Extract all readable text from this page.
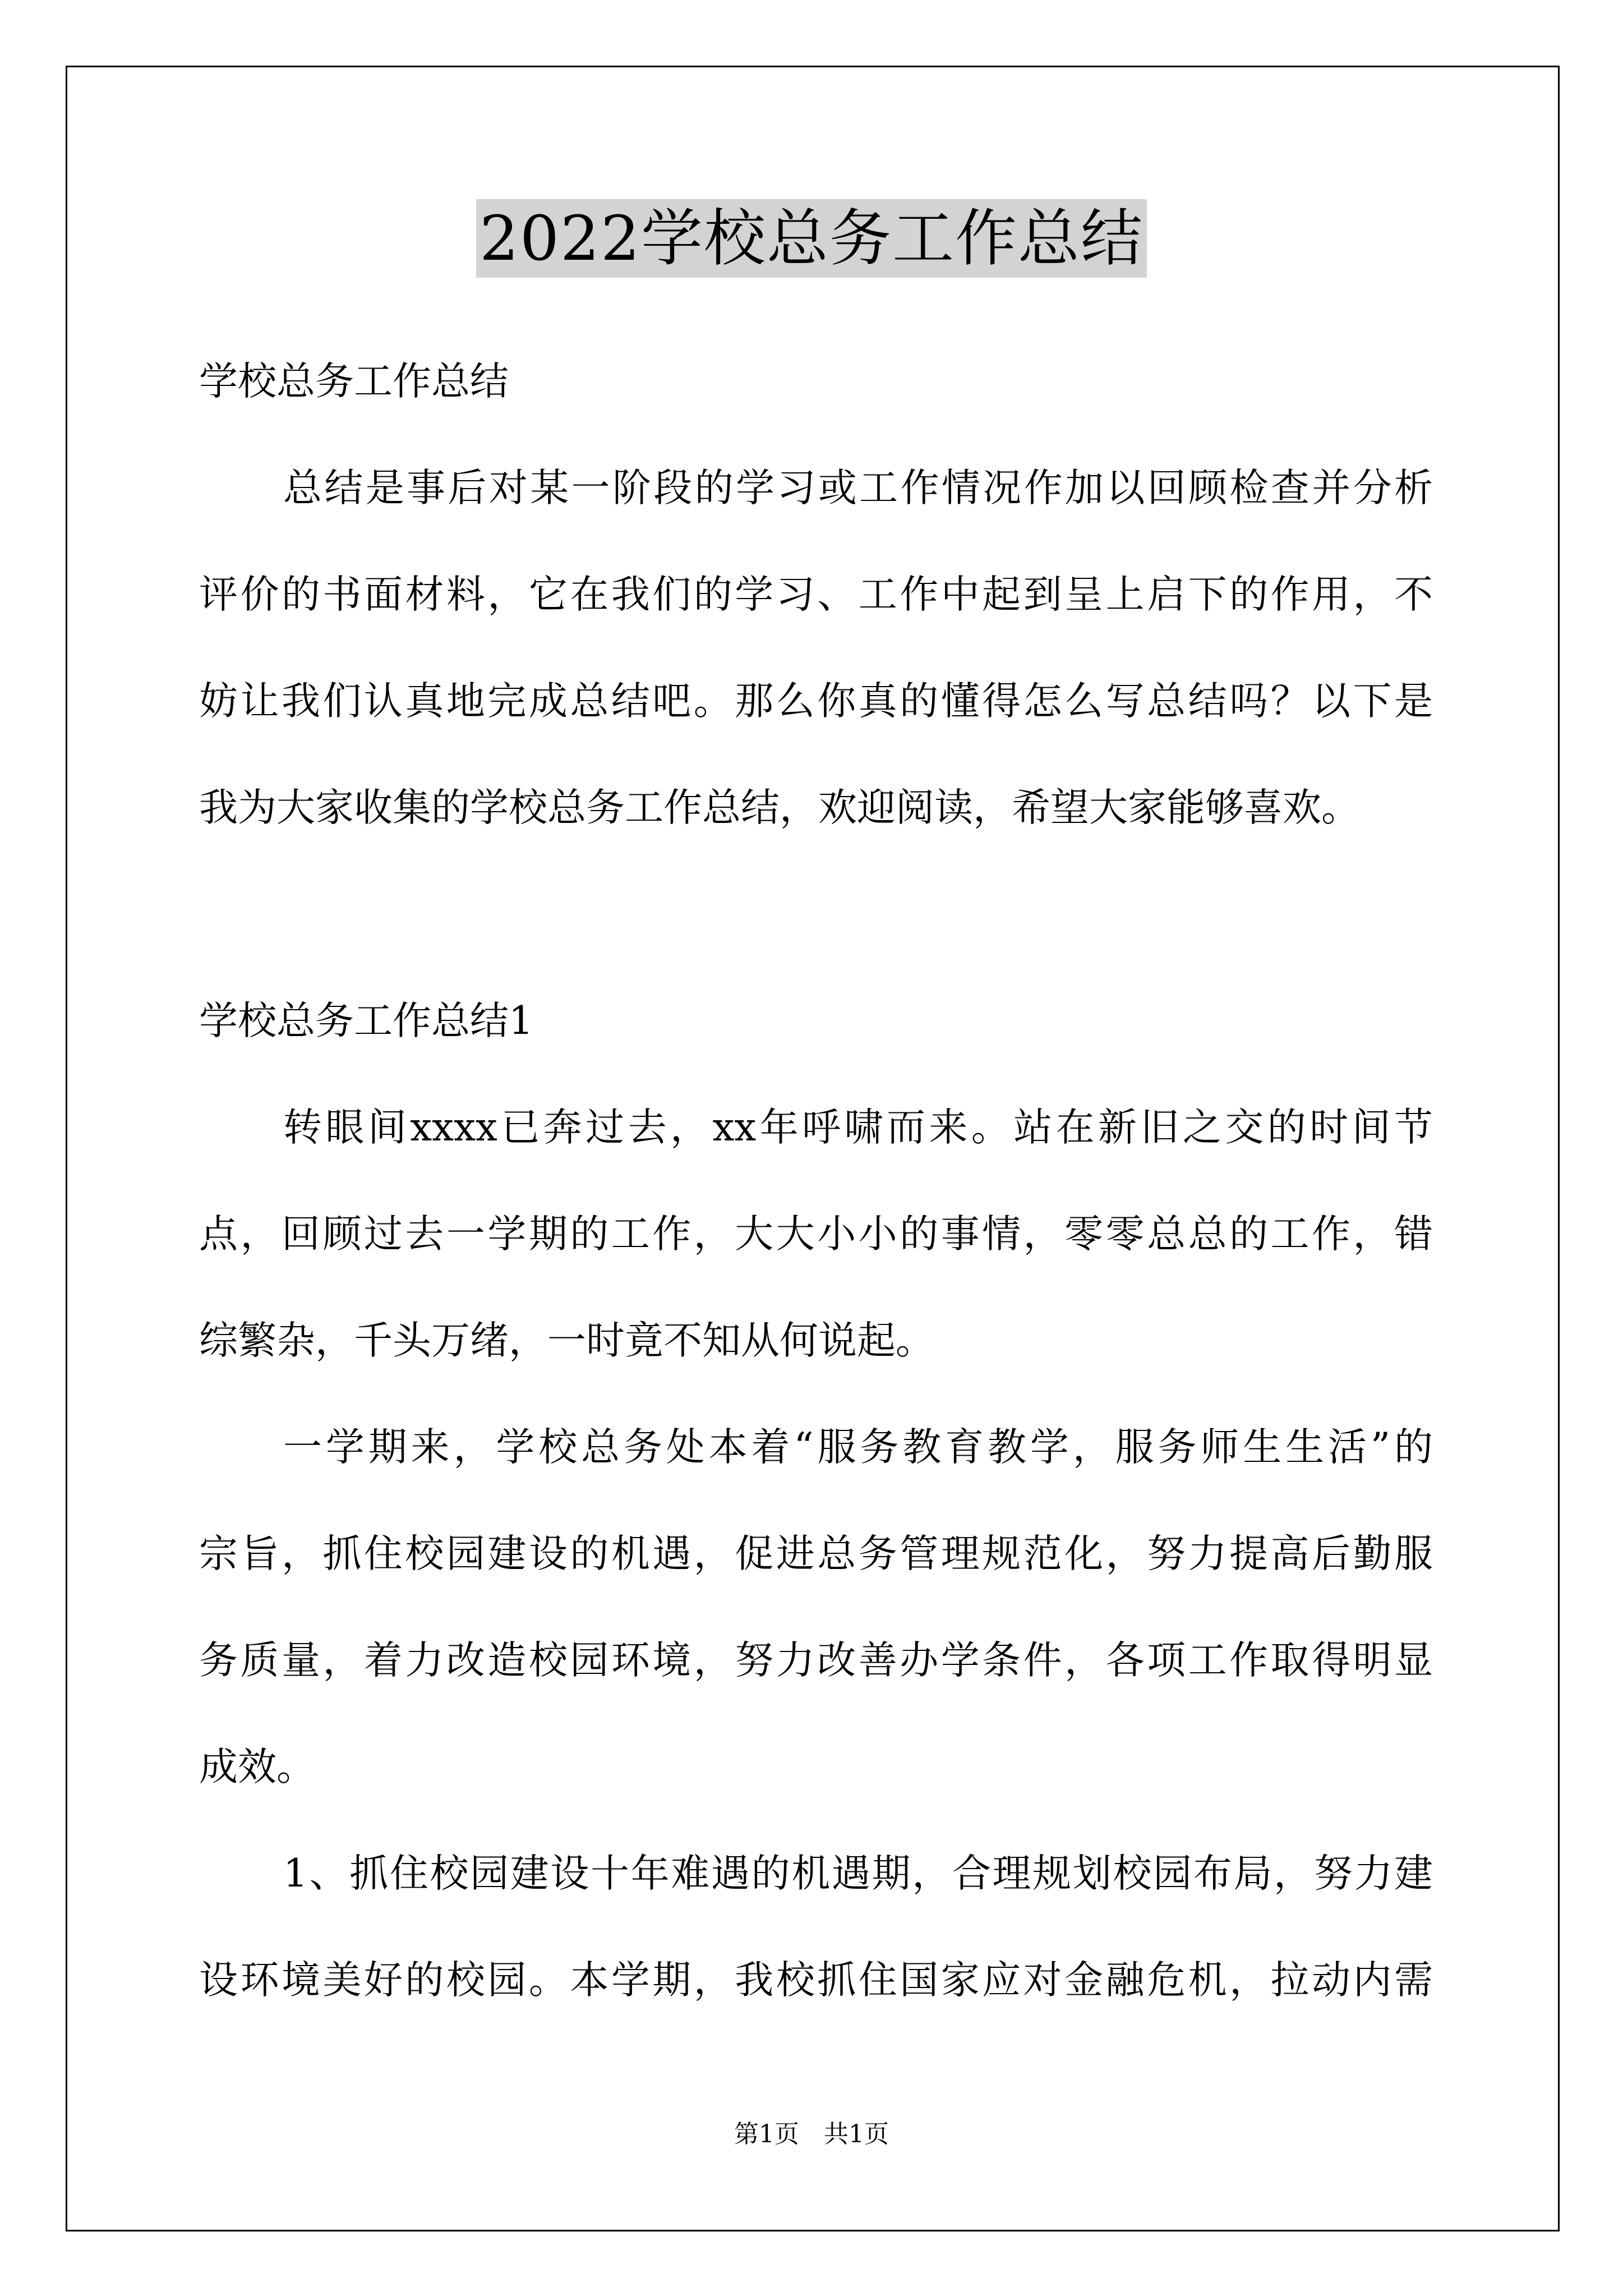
2022学校总务工作总结
学校总务工作总结
总结是事后对某一阶段的学习或工作情况作加以回顾检查并分析
评价的书面材料，它在我们的学习、工作中起到呈上启下的作用，不
妨让我们认真地完成总结吧。那么你真的懂得怎么写总结吗？以下是
我为大家收集的学校总务工作总结，欢迎阅读，希望大家能够喜欢。
学校总务工作总结1
转眼间xxxx已奔过去，xx年呼啸而来。站在新旧之交的时间节
点，回顾过去一学期的工作，大大小小的事情，零零总总的工作，错
综繁杂，千头万绪，一时竟不知从何说起。
一学期来，学校总务处本着“服务教育教学，服务师生生活”的
宗旨，抓住校园建设的机遇，促进总务管理规范化，努力提高后勤服
务质量，着力改造校园环境，努力改善办学条件，各项工作取得明显
成效。
1、抓住校园建设十年难遇的机遇期，合理规划校园布局，努力建
设环境美好的校园。本学期，我校抓住国家应对金融危机，拉动内需
第1页 共1页
